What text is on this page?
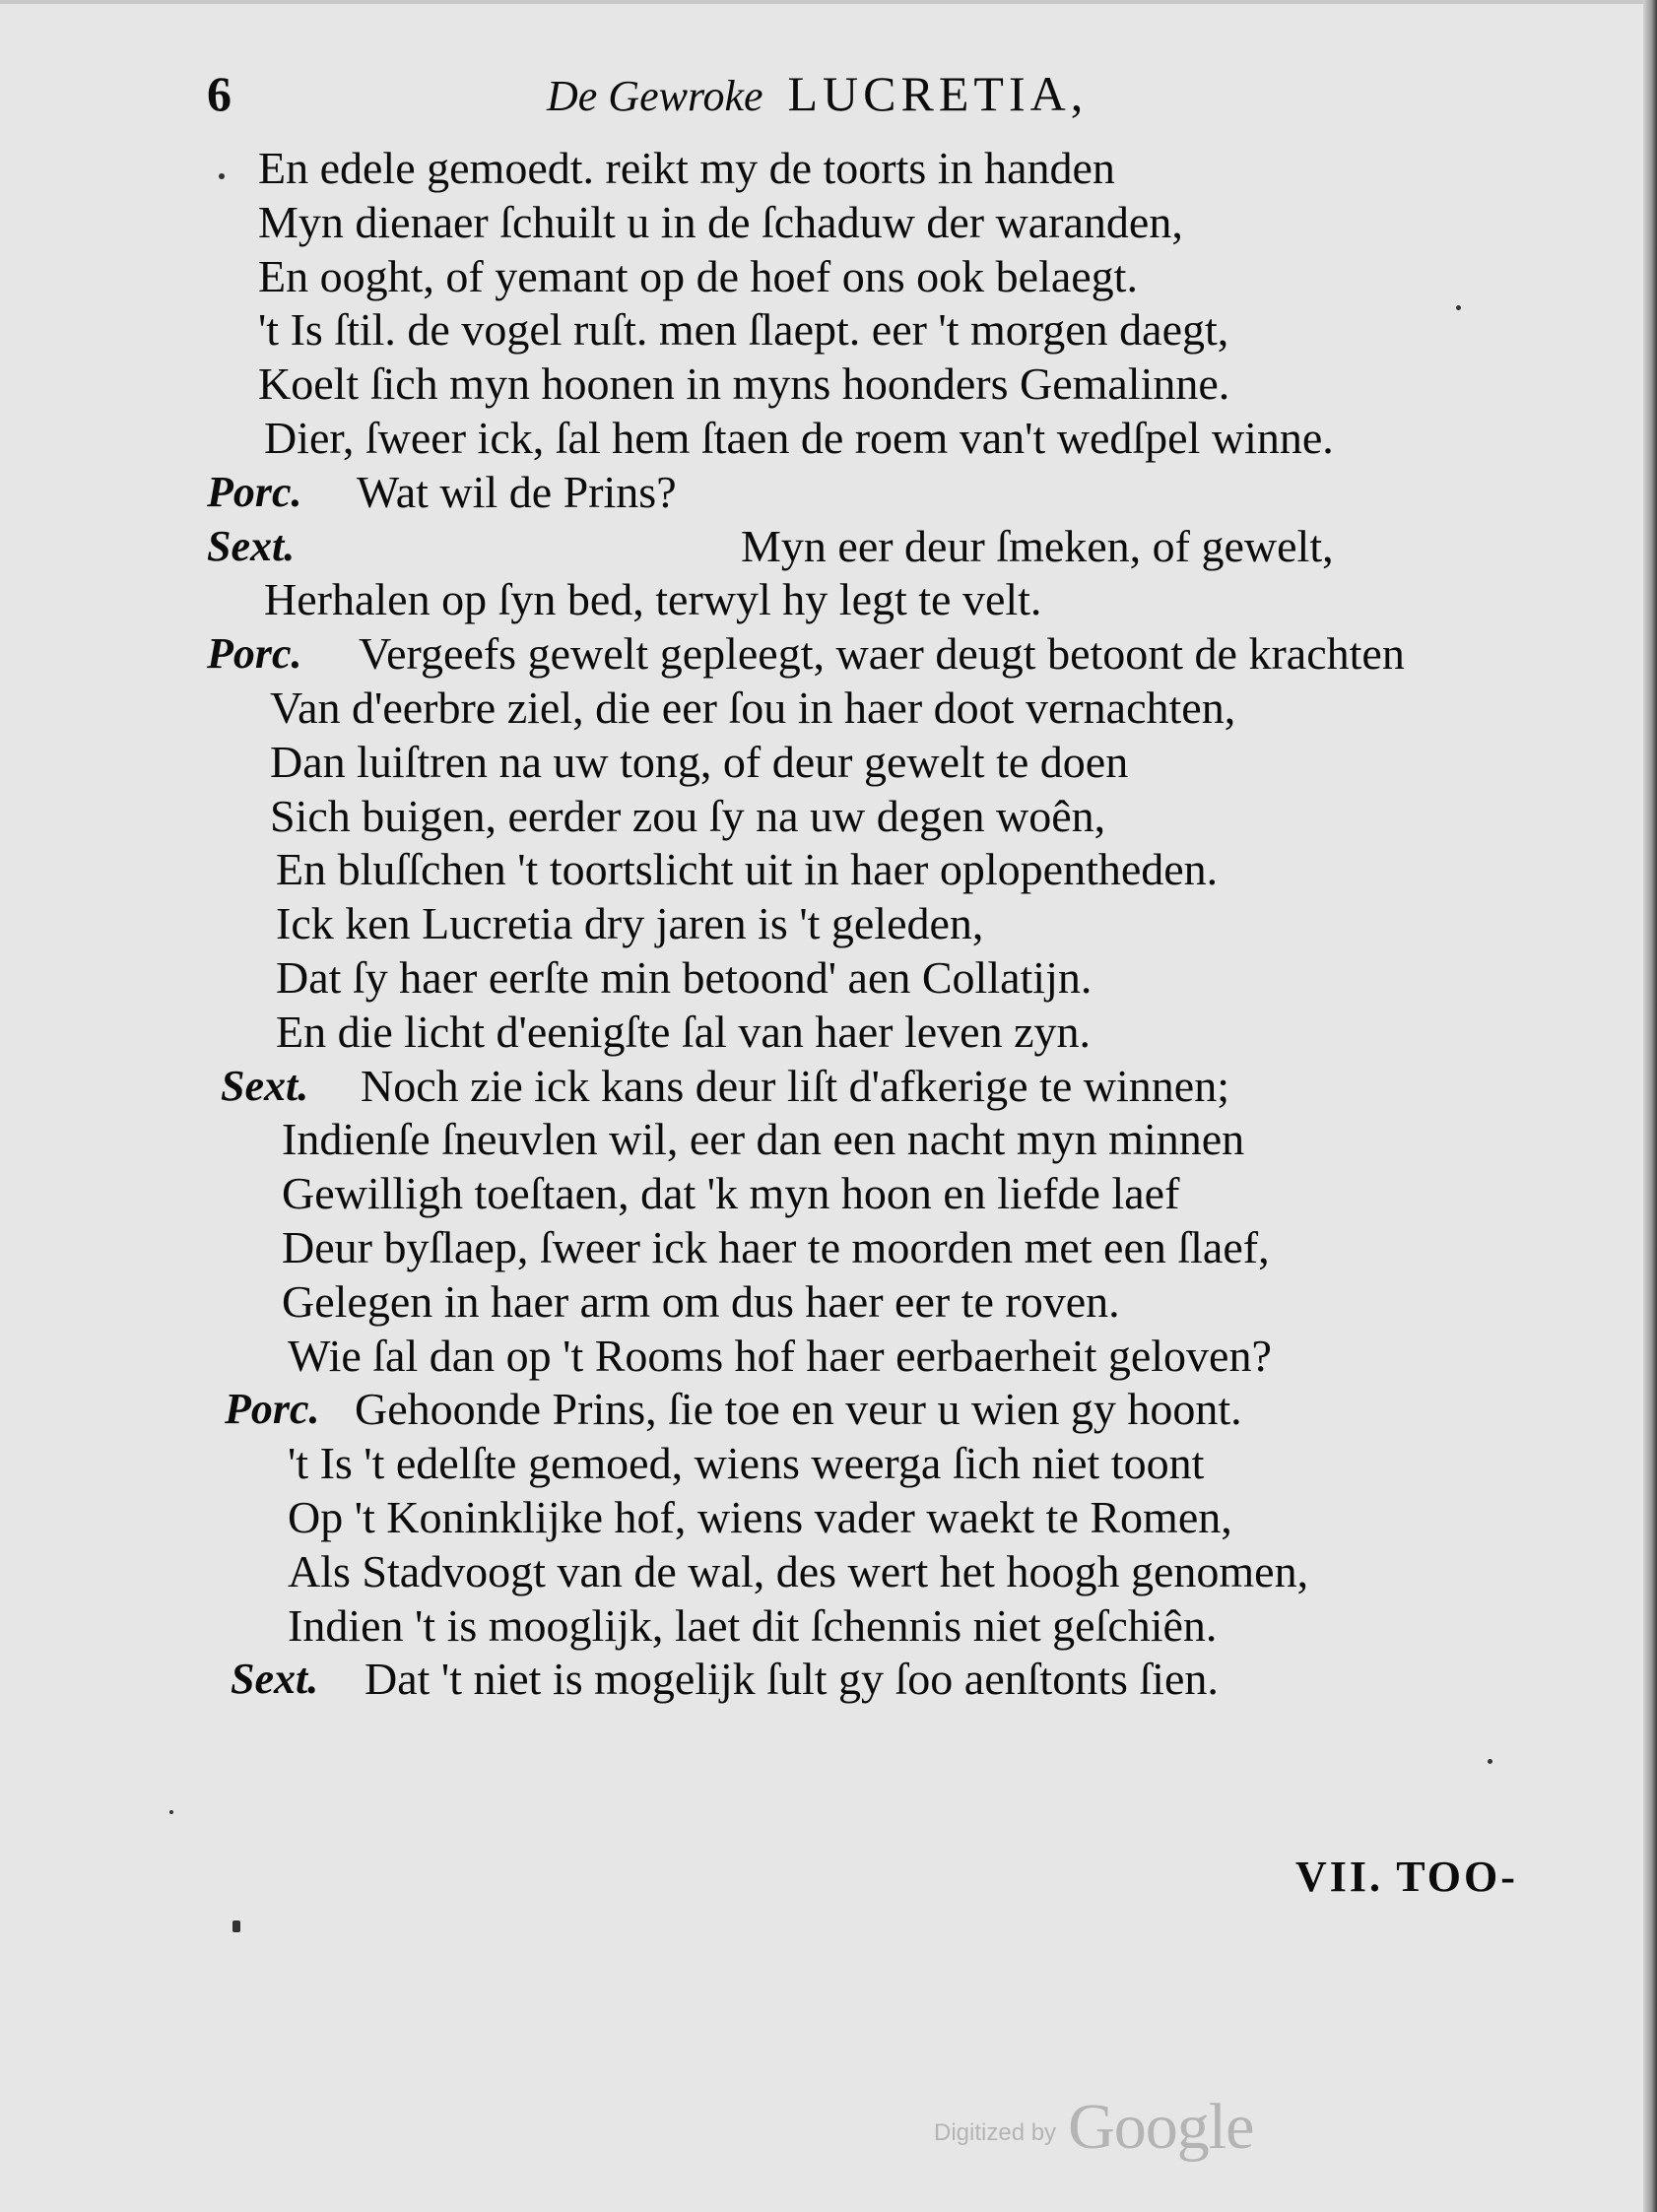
6	De Gewroke LUCRETIA,
En edele gemoedt. reikt my de toorts in handen
Myn dienaer ſchuilt u in de ſchaduw der waranden,
En ooght, of yemant op de hoef ons ook belaegt.
't Is ſtil. de vogel ruſt. men ſlaept. eer 't morgen daegt,
Koelt ſich myn hoonen in myns hoonders Gemalinne.
Dier, ſweer ick, ſal hem ſtaen de roem van't wedſpel winne.
Porc. Wat wil de Prins?
Sext.	Myn eer deur ſmeken, of gewelt,
Herhalen op ſyn bed, terwyl hy legt te velt.
Porc. Vergeefs gewelt gepleegt, waer deugt betoont de krachten
Van d'eerbre ziel, die eer ſou in haer doot vernachten,
Dan luiſtren na uw tong, of deur gewelt te doen
Sich buigen, eerder zou ſy na uw degen woên,
En bluſſchen 't toortslicht uit in haer oplopentheden.
Ick ken Lucretia dry jaren is 't geleden,
Dat ſy haer eerſte min betoond' aen Collatijn.
En die licht d'eenigſte ſal van haer leven zyn.
Sext. Noch zie ick kans deur liſt d'afkerige te winnen;
Indienſe ſneuvlen wil, eer dan een nacht myn minnen
Gewilligh toeſtaen, dat 'k myn hoon en liefde laef
Deur byſlaep, ſweer ick haer te moorden met een ſlaef,
Gelegen in haer arm om dus haer eer te roven.
Wie ſal dan op 't Rooms hof haer eerbaerheit geloven?
Porc. Gehoonde Prins, ſie toe en veur u wien gy hoont.
't Is 't edelſte gemoed, wiens weerga ſich niet toont
Op 't Koninklijke hof, wiens vader waekt te Romen,
Als Stadvoogt van de wal, des wert het hoogh genomen,
Indien 't is mooglijk, laet dit ſchennis niet geſchiên.
Sext. Dat 't niet is mogelijk ſult gy ſoo aenſtonts ſien.
VII. TOO-
Digitized by Google
